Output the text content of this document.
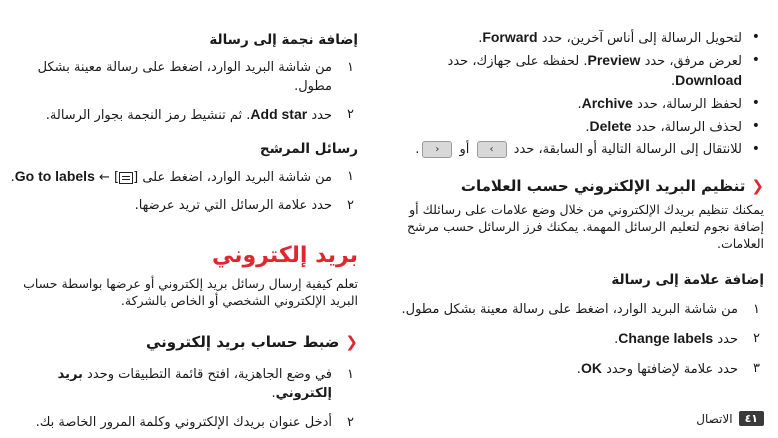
• لتحويل الرسالة إلى أناس آخرين، حدد Forward.
• لعرض مرفق، حدد Preview. لحفظه على جهازك، حدد Download.
• لحفظ الرسالة، حدد Archive.
• لحذف الرسالة، حدد Delete.
• للانتقال إلى الرسالة التالية أو السابقة، حدد › أو ‹.
❮تنظيم البريد الإلكتروني حسب العلامات

يمكنك تنظيم بريدك الإلكتروني من خلال وضع علامات على رسائلك أو إضافة نجوم لتعليم الرسائل المهمة. يمكنك فرز الرسائل حسب مرشح العلامات.

إضافة علامة إلى رسالة
١
من شاشة البريد الوارد، اضغط على رسالة معينة بشكل مطول.
٢
حدد Change labels.
٣
حدد علامة لإضافتها وحدد OK.
إضافة نجمة إلى رسالة
١
من شاشة البريد الوارد، اضغط على رسالة معينة بشكل مطول.
٢
حدد Add star. ثم تنشيط رمز النجمة بجوار الرسالة.
رسائل المرشح
١
من شاشة البريد الوارد، اضغط على [] ← Go to labels.
٢
حدد علامة الرسائل التي تريد عرضها.
بريد إلكتروني

تعلم كيفية إرسال رسائل بريد إلكتروني أو عرضها بواسطة حساب البريد الإلكتروني الشخصي أو الخاص بالشركة.

❮ضبط حساب بريد إلكتروني
١
في وضع الجاهزية، افتح قائمة التطبيقات وحدد بريد إلكتروني.
٢
أدخل عنوان بريدك الإلكتروني وكلمة المرور الخاصة بك.	٤١
الاتصال
